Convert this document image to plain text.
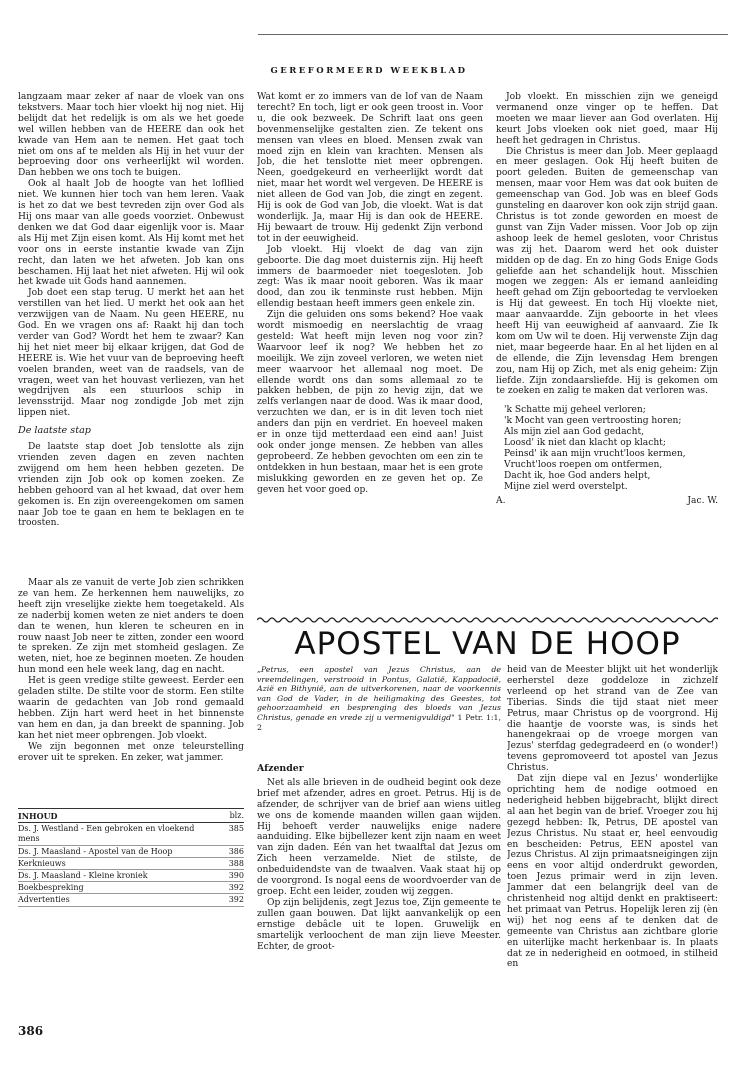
GEREFORMEERD WEEKBLAD

langzaam maar zeker af naar de vloek van ons tekstvers. Maar toch hier vloekt hij nog niet. Hij belijdt dat het redelijk is om als we het goede wel willen hebben van de HEERE dan ook het kwade van Hem aan te nemen. Het gaat toch niet om ons af te melden als Hij in het vuur der beproeving door ons verheerlijkt wil worden. Dan hebben we ons toch te buigen.

Ook al haalt Job de hoogte van het lofllied niet. We kunnen hier toch van hem leren. Vaak is het zo dat we best tevreden zijn over God als Hij ons maar van alle goeds voorziet. Onbewust denken we dat God daar eigenlijk voor is. Maar als Hij met Zijn eisen komt. Als Hij komt met het voor ons in eerste instantie kwade van Zijn recht, dan laten we het afweten. Job kan ons beschamen. Hij laat het niet afweten. Hij wil ook het kwade uit Gods hand aannemen.

Job doet een stap terug. U merkt het aan het verstillen van het lied. U merkt het ook aan het verzwijgen van de Naam. Nu geen HEERE, nu God. En we vragen ons af: Raakt hij dan toch verder van God? Wordt het hem te zwaar? Kan hij het niet meer bij elkaar krijgen, dat God de HEERE is. Wie het vuur van de beproeving heeft voelen branden, weet van de raadsels, van de vragen, weet van het houvast verliezen, van het wegdrijven als een stuurloos schip in levensstrijd. Maar nog zondigde Job met zijn lippen niet.

De laatste stap

De laatste stap doet Job tenslotte als zijn vrienden zeven dagen en zeven nachten zwijgend om hem heen hebben gezeten. De vrienden zijn Job ook op komen zoeken. Ze hebben gehoord van al het kwaad, dat over hem gekomen is. En zijn overeengekomen om samen naar Job toe te gaan en hem te beklagen en te troosten.

Maar als ze vanuit de verte Job zien schrikken ze van hem. Ze herkennen hem nauwelijks, zo heeft zijn vreselijke ziekte hem toegetakeld. Als ze naderbij komen weten ze niet anders te doen dan te wenen, hun kleren te scheuren en in rouw naast Job neer te zitten, zonder een woord te spreken. Ze zijn met stomheid geslagen. Ze weten, niet, hoe ze beginnen moeten. Ze houden hun mond een hele week lang, dag en nacht.

Het is geen vredige stilte geweest. Eerder een geladen stilte. De stilte voor de storm. Een stilte waarin de gedachten van Job rond gemaald hebben. Zijn hart werd heet in het binnenste van hem en dan, ja dan breekt de spanning. Job kan het niet meer opbrengen. Job vloekt.

We zijn begonnen met onze teleurstelling erover uit te spreken. En zeker, wat jammer.

Wat komt er zo immers van de lof van de Naam terecht? En toch, ligt er ook geen troost in. Voor u, die ook bezweek. De Schrift laat ons geen bovenmenselijke gestalten zien. Ze tekent ons mensen van vlees en bloed. Mensen zwak van moed zijn en klein van krachten. Mensen als Job, die het tenslotte niet meer opbrengen. Neen, goedgekeurd en verheerlijkt wordt dat niet, maar het wordt wel vergeven. De HEERE is niet alleen de God van Job, die zingt en zegent. Hij is ook de God van Job, die vloekt. Wat is dat wonderlijk. Ja, maar Hij is dan ook de HEERE. Hij bewaart de trouw. Hij gedenkt Zijn verbond tot in der eeuwigheid.

Job vloekt. Hij vloekt de dag van zijn geboorte. Die dag moet duisternis zijn. Hij heeft immers de baarmoeder niet toegesloten. Job zegt: Was ik maar nooit geboren. Was ik maar dood, dan zou ik tenminste rust hebben. Mijn ellendig bestaan heeft immers geen enkele zin.

Zijn die geluiden ons soms bekend? Hoe vaak wordt mismoedig en neerslachtig de vraag gesteld: Wat heeft mijn leven nog voor zin? Waarvoor leef ik nog? We hebben het zo moeilijk. We zijn zoveel verloren, we weten niet meer waarvoor het allemaal nog moet. De ellende wordt ons dan soms allemaal zo te pakken hebben, de pijn zo hevig zijn, dat we zelfs verlangen naar de dood. Was ik maar dood, verzuchten we dan, er is in dit leven toch niet anders dan pijn en verdriet. En hoeveel maken er in onze tijd metterdaad een eind aan! Juist ook onder jonge mensen. Ze hebben van alles geprobeerd. Ze hebben gevochten om een zin te ontdekken in hun bestaan, maar het is een grote mislukking geworden en ze geven het op. Ze geven het voor goed op.

Job vloekt. En misschien zijn we geneigd vermanend onze vinger op te heffen. Dat moeten we maar liever aan God overlaten. Hij keurt Jobs vloeken ook niet goed, maar Hij heeft het gedragen in Christus.

Die Christus is meer dan Job. Meer geplaagd en meer geslagen. Ook Hij heeft buiten de poort geleden. Buiten de gemeenschap van mensen, maar voor Hem was dat ook buiten de gemeenschap van God. Job was en bleef Gods gunsteling en daarover kon ook zijn strijd gaan. Christus is tot zonde geworden en moest de gunst van Zijn Vader missen. Voor Job op zijn ashoop leek de hemel gesloten, voor Christus was zij het. Daarom werd het ook duister midden op de dag. En zo hing Gods Enige Gods geliefde aan het schandelijk hout. Misschien mogen we zeggen: Als er iemand aanleiding heeft gehad om Zijn geboortedag te vervloeken is Hij dat geweest. En toch Hij vloekte niet, maar aanvaardde. Zijn geboorte in het vlees heeft Hij van eeuwigheid af aanvaard. Zie Ik kom om Uw wil te doen. Hij verwenste Zijn dag niet, maar begeerde haar. En al het lijden en al de ellende, die Zijn levensdag Hem brengen zou, nam Hij op Zich, met als enig geheim: Zijn liefde. Zijn zondaarsliefde. Hij is gekomen om te zoeken en zalig te maken dat verloren was.

'k Schatte mij geheel verloren;
'k Mocht van geen vertroosting horen;
Als mijn ziel aan God gedacht,
Loosd' ik niet dan klacht op klacht;
Peinsd' ik aan mijn vrucht'loos kermen,
Vrucht'loos roepen om ontfermen,
Dacht ik, hoe God anders helpt,
Mijne ziel werd overstelpt.
A.	Jac. W.
APOSTEL VAN DE HOOP
„Petrus, een apostel van Jezus Christus, aan de vreemdelingen, verstrooid in Pontus, Galatië, Kappadocië, Azië en Bithynië, aan de uitverkorenen, naar de voorkennis van God de Vader, in de heiligmaking des Geestes, tot gehoorzaamheid en besprenging des bloeds van Jezus Christus, genade en vrede zij u vermenigvuldigd" 1 Petr. 1:1, 2
Afzender

Net als alle brieven in de oudheid begint ook deze brief met afzender, adres en groet. Petrus. Hij is de afzender, de schrijver van de brief aan wiens uitleg we ons de komende maanden willen gaan wijden. Hij behoeft verder nauwelijks enige nadere aanduiding. Elke bijbellezer kent zijn naam en weet van zijn daden. Eén van het twaalftal dat Jezus om Zich heen verzamelde. Niet de stilste, de onbeduidendste van de twaalven. Vaak staat hij op de voorgrond. Is nogal eens de woordvoerder van de groep. Echt een leider, zouden wij zeggen.

Op zijn belijdenis, zegt Jezus toe, Zijn gemeente te zullen gaan bouwen. Dat lijkt aanvankelijk op een ernstige debâcle uit te lopen. Gruwelijk en smartelijk verloochent de man zijn lieve Meester. Echter, de groot-

heid van de Meester blijkt uit het wonderlijk eerherstel deze goddeloze in zichzelf verleend op het strand van de Zee van Tiberias. Sinds die tijd staat niet meer Petrus, maar Christus op de voorgrond. Hij die haantje de voorste was, is sinds het hanengekraai op de vroege morgen van Jezus' sterfdag gedegradeerd en (o wonder!) tevens gepromoveerd tot apostel van Jezus Christus.

Dat zijn diepe val en Jezus' wonderlijke oprichting hem de nodige ootmoed en nederigheid hebben bijgebracht, blijkt direct al aan het begin van de brief. Vroeger zou hij gezegd hebben: Ik, Petrus, DE apostel van Jezus Christus. Nu staat er, heel eenvoudig en bescheiden: Petrus, EEN apostel van Jezus Christus. Al zijn primaatsneigingen zijn eens en voor altijd onderdrukt geworden, toen Jezus primair werd in zijn leven. Jammer dat een belangrijk deel van de christenheid nog altijd denkt en praktiseert: het primaat van Petrus. Hopelijk leren zij (èn wij) het nog eens af te denken dat de gemeente van Christus aan zichtbare glorie en uiterlijke macht herkenbaar is. In plaats dat ze in nederigheid en ootmoed, in stilheid en

INHOUD	blz.
Ds. J. Westland - Een gebroken en vloekend mens
385
Ds. J. Maasland - Apostel van de Hoop	386
Kerknieuws	388
Ds. J. Maasland - Kleine kroniek	390
Boekbespreking	392
Advertenties	392
386
